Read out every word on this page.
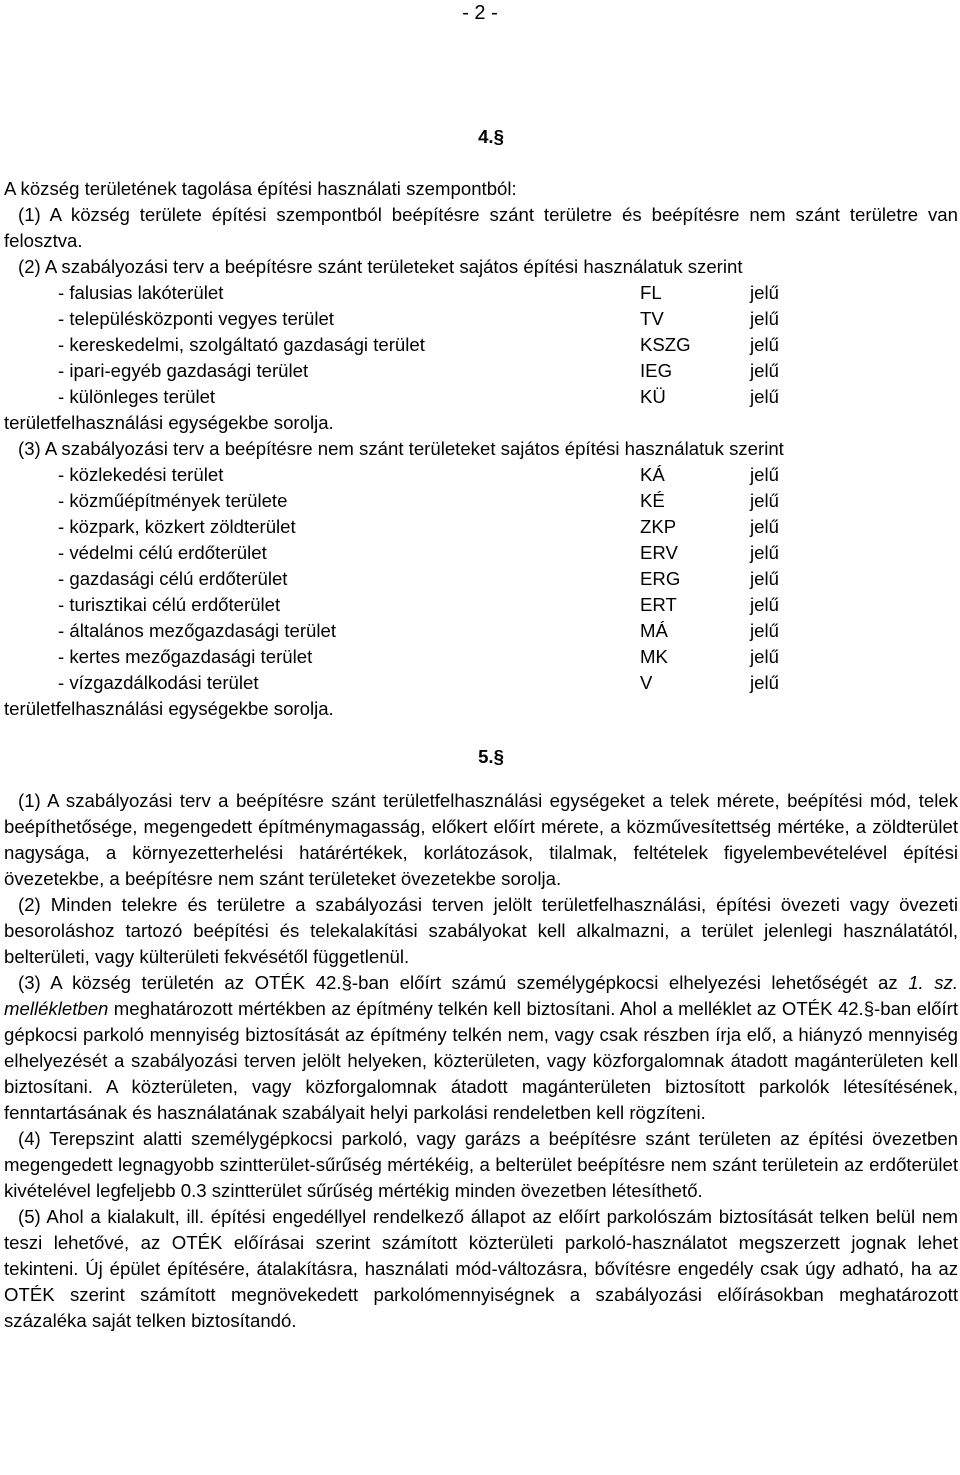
- 2 -
4.§

A község területének tagolása építési használati szempontból:

(1) A község területe építési szempontból beépítésre szánt területre és beépítésre nem szánt területre van felosztva.

(2) A szabályozási terv a beépítésre szánt területeket sajátos építési használatuk szerint

- falusias lakóterület	FL	jelű
- településközponti vegyes terület	TV	jelű
- kereskedelmi, szolgáltató gazdasági terület	KSZG	jelű
- ipari-egyéb gazdasági terület	IEG	jelű
- különleges terület	KÜ	jelű

területfelhasználási egységekbe sorolja.

(3) A szabályozási terv a beépítésre nem szánt területeket sajátos építési használatuk szerint

- közlekedési terület	KÁ	jelű
- közműépítmények területe	KÉ	jelű
- közpark, közkert zöldterület	ZKP	jelű
- védelmi célú erdőterület	ERV	jelű
- gazdasági célú erdőterület	ERG	jelű
- turisztikai célú erdőterület	ERT	jelű
- általános mezőgazdasági terület	MÁ	jelű
- kertes mezőgazdasági terület	MK	jelű
- vízgazdálkodási terület	V	jelű

területfelhasználási egységekbe sorolja.

5.§

(1) A szabályozási terv a beépítésre szánt területfelhasználási egységeket a telek mérete, beépítési mód, telek beépíthetősége, megengedett építménymagasság, előkert előírt mérete, a közművesítettség mértéke, a zöldterület nagysága, a környezetterhelési határértékek, korlátozások, tilalmak, feltételek figyelembevételével építési övezetekbe, a beépítésre nem szánt területeket övezetekbe sorolja.

(2) Minden telekre és területre a szabályozási terven jelölt területfelhasználási, építési övezeti vagy övezeti besoroláshoz tartozó beépítési és telekalakítási szabályokat kell alkalmazni, a terület jelenlegi használatától, belterületi, vagy külterületi fekvésétől függetlenül.

(3) A község területén az OTÉK 42.§-ban előírt számú személygépkocsi elhelyezési lehetőségét az 1. sz. mellékletben meghatározott mértékben az építmény telkén kell biztosítani. Ahol a melléklet az OTÉK 42.§-ban előírt gépkocsi parkoló mennyiség biztosítását az építmény telkén nem, vagy csak részben írja elő, a hiányzó mennyiség elhelyezését a szabályozási terven jelölt helyeken, közterületen, vagy közforgalomnak átadott magánterületen kell biztosítani. A közterületen, vagy közforgalomnak átadott magánterületen biztosított parkolók létesítésének, fenntartásának és használatának szabályait helyi parkolási rendeletben kell rögzíteni.

(4) Terepszint alatti személygépkocsi parkoló, vagy garázs a beépítésre szánt területen az építési övezetben megengedett legnagyobb szintterület-sűrűség mértékéig, a belterület beépítésre nem szánt területein az erdőterület kivételével legfeljebb 0.3 szintterület sűrűség mértékig minden övezetben létesíthető.

(5) Ahol a kialakult, ill. építési engedéllyel rendelkező állapot az előírt parkolószám biztosítását telken belül nem teszi lehetővé, az OTÉK előírásai szerint számított közterületi parkoló-használatot megszerzett jognak lehet tekinteni. Új épület építésére, átalakításra, használati mód-változásra, bővítésre engedély csak úgy adható, ha az OTÉK szerint számított megnövekedett parkolómennyiségnek a szabályozási előírásokban meghatározott százaléka saját telken biztosítandó.
